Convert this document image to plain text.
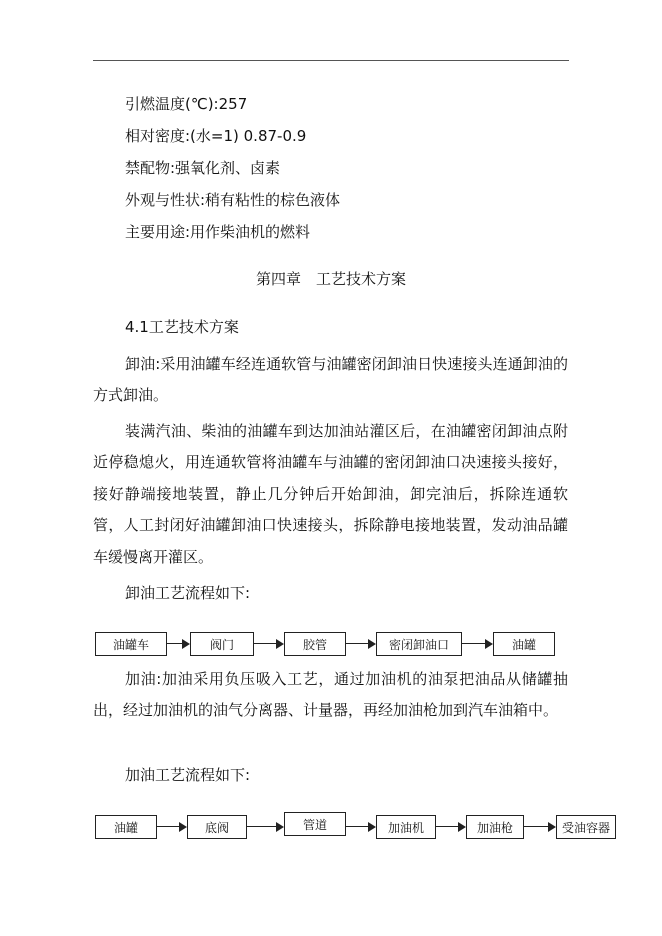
引燃温度(℃):257
相对密度:(水=1) 0.87-0.9
禁配物:强氧化剂、卤素
外观与性状:稍有粘性的棕色液体
主要用途:用作柴油机的燃料
第四章　工艺技术方案
4.1工艺技术方案
卸油:采用油罐车经连通软管与油罐密闭卸油日快速接头连通卸油的方式卸油。
装满汽油、柴油的油罐车到达加油站灌区后，在油罐密闭卸油点附近停稳熄火，用连通软管将油罐车与油罐的密闭卸油口决速接头接好，接好静端接地装置，静止几分钟后开始卸油，卸完油后，拆除连通软管，人工封闭好油罐卸油口快速接头，拆除静电接地装置，发动油品罐车缓慢离开灌区。
卸油工艺流程如下:
油罐车	阀门	胶管	密闭卸油口	油罐
加油:加油采用负压吸入工艺，通过加油机的油泵把油品从储罐抽出，经过加油机的油气分离器、计量器，再经加油枪加到汽车油箱中。
加油工艺流程如下:
油罐	底阀	管道	加油机	加油枪	受油容器
